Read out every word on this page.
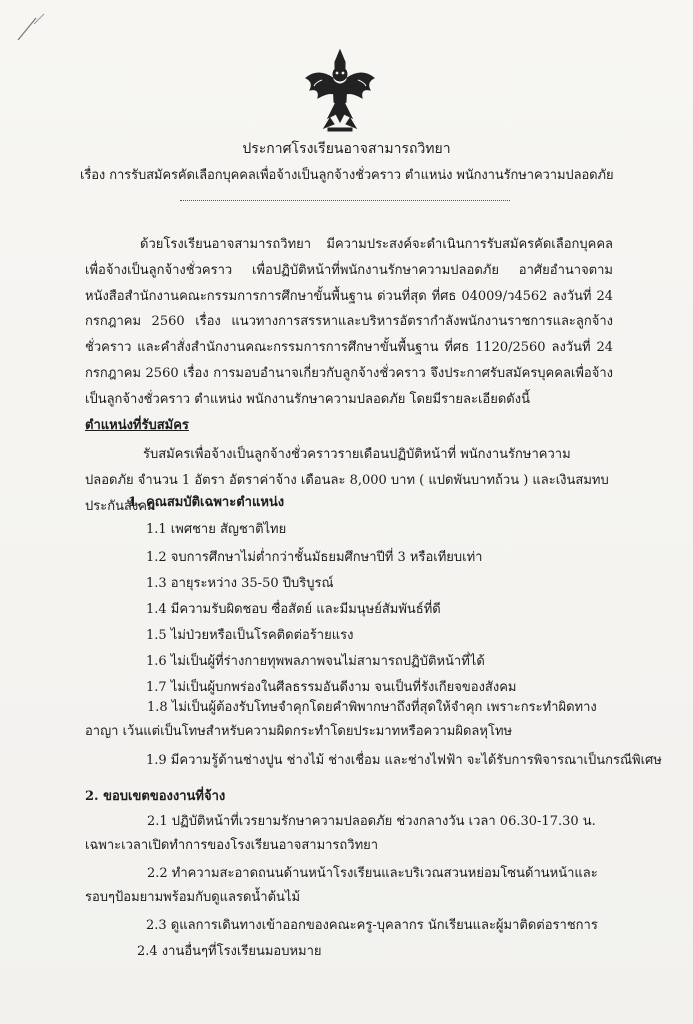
ประกาศโรงเรียนอาจสามารถวิทยา
เรื่อง การรับสมัครคัดเลือกบุคคลเพื่อจ้างเป็นลูกจ้างชั่วคราว ตำแหน่ง พนักงานรักษาความปลอดภัย
ด้วยโรงเรียนอาจสามารถวิทยา มีความประสงค์จะดำเนินการรับสมัครคัดเลือกบุคคลเพื่อจ้างเป็นลูกจ้างชั่วคราว เพื่อปฏิบัติหน้าที่พนักงานรักษาความปลอดภัย อาศัยอำนาจตามหนังสือสำนักงานคณะกรรมการการศึกษาขั้นพื้นฐาน ด่วนที่สุด ที่ศธ 04009/ว4562 ลงวันที่ 24 กรกฎาคม 2560 เรื่อง แนวทางการสรรหาและบริหารอัตรากำลังพนักงานราชการและลูกจ้างชั่วคราว และคำสั่งสำนักงานคณะกรรมการการศึกษาขั้นพื้นฐาน ที่ศธ 1120/2560 ลงวันที่ 24 กรกฎาคม 2560 เรื่อง การมอบอำนาจเกี่ยวกับลูกจ้างชั่วคราว จึงประกาศรับสมัครบุคคลเพื่อจ้างเป็นลูกจ้างชั่วคราว ตำแหน่ง พนักงานรักษาความปลอดภัย โดยมีรายละเอียดดังนี้
ตำแหน่งที่รับสมัคร
รับสมัครเพื่อจ้างเป็นลูกจ้างชั่วคราวรายเดือนปฏิบัติหน้าที่ พนักงานรักษาความปลอดภัย จำนวน 1 อัตรา อัตราค่าจ้าง เดือนละ 8,000 บาท ( แปดพันบาทถ้วน ) และเงินสมทบประกันสังคม
1. คุณสมบัติเฉพาะตำแหน่ง
1.1 เพศชาย สัญชาติไทย
1.2 จบการศึกษาไม่ต่ำกว่าชั้นมัธยมศึกษาปีที่ 3 หรือเทียบเท่า
1.3 อายุระหว่าง 35-50 ปีบริบูรณ์
1.4 มีความรับผิดชอบ ซื่อสัตย์ และมีมนุษย์สัมพันธ์ที่ดี
1.5 ไม่ป่วยหรือเป็นโรคติดต่อร้ายแรง
1.6 ไม่เป็นผู้ที่ร่างกายทุพพลภาพจนไม่สามารถปฏิบัติหน้าที่ได้
1.7 ไม่เป็นผู้บกพร่องในศีลธรรมอันดีงาม จนเป็นที่รังเกียจของสังคม
1.8 ไม่เป็นผู้ต้องรับโทษจำคุกโดยคำพิพากษาถึงที่สุดให้จำคุก เพราะกระทำผิดทางอาญา เว้นแต่เป็นโทษสำหรับความผิดกระทำโดยประมาทหรือความผิดลหุโทษ
1.9 มีความรู้ด้านช่างปูน ช่างไม้ ช่างเชื่อม และช่างไฟฟ้า จะได้รับการพิจารณาเป็นกรณีพิเศษ
2. ขอบเขตของงานที่จ้าง
2.1 ปฏิบัติหน้าที่เวรยามรักษาความปลอดภัย ช่วงกลางวัน เวลา 06.30-17.30 น. เฉพาะเวลาเปิดทำการของโรงเรียนอาจสามารถวิทยา
2.2 ทำความสะอาดถนนด้านหน้าโรงเรียนและบริเวณสวนหย่อมโซนด้านหน้าและรอบๆป้อมยามพร้อมกับดูแลรดน้ำต้นไม้
2.3 ดูแลการเดินทางเข้าออกของคณะครู-บุคลากร นักเรียนและผู้มาติดต่อราชการ
2.4 งานอื่นๆที่โรงเรียนมอบหมาย
